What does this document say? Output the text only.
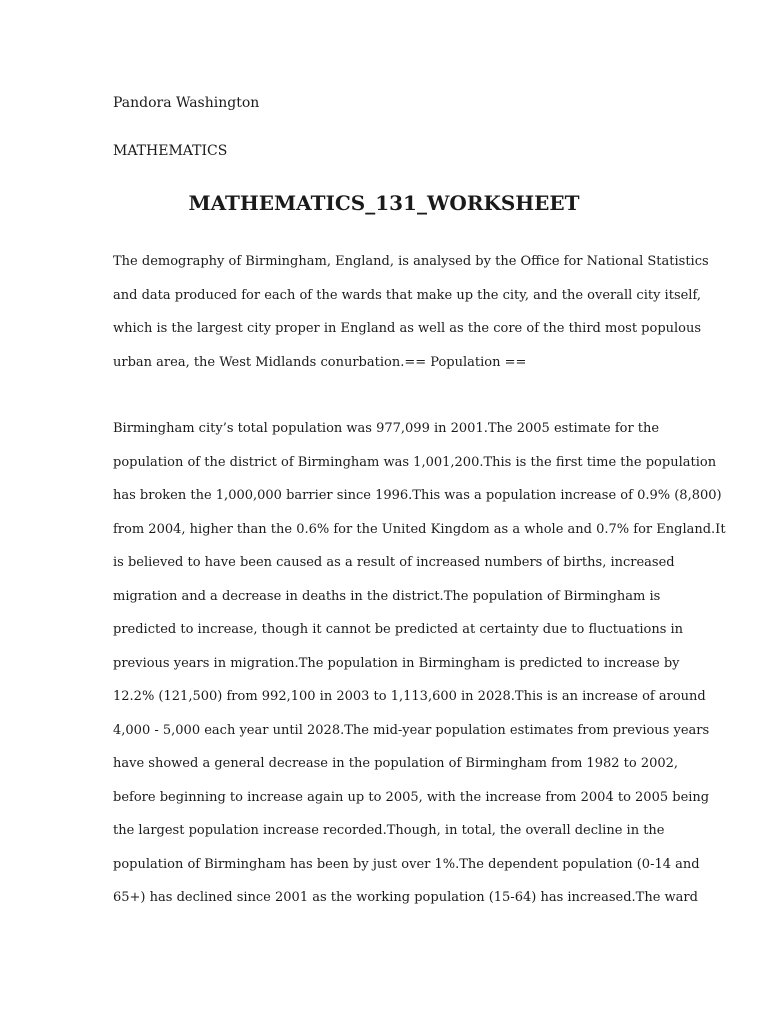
Pandora Washington
MATHEMATICS
MATHEMATICS_131_WORKSHEET
The demography of Birmingham, England, is analysed by the Office for National Statistics
and data produced for each of the wards that make up the city, and the overall city itself,
which is the largest city proper in England as well as the core of the third most populous
urban area, the West Midlands conurbation.== Population ==
Birmingham city’s total population was 977,099 in 2001.The 2005 estimate for the
population of the district of Birmingham was 1,001,200.This is the first time the population
has broken the 1,000,000 barrier since 1996.This was a population increase of 0.9% (8,800)
from 2004, higher than the 0.6% for the United Kingdom as a whole and 0.7% for England.It
is believed to have been caused as a result of increased numbers of births, increased
migration and a decrease in deaths in the district.The population of Birmingham is
predicted to increase, though it cannot be predicted at certainty due to fluctuations in
previous years in migration.The population in Birmingham is predicted to increase by
12.2% (121,500) from 992,100 in 2003 to 1,113,600 in 2028.This is an increase of around
4,000 - 5,000 each year until 2028.The mid-year population estimates from previous years
have showed a general decrease in the population of Birmingham from 1982 to 2002,
before beginning to increase again up to 2005, with the increase from 2004 to 2005 being
the largest population increase recorded.Though, in total, the overall decline in the
population of Birmingham has been by just over 1%.The dependent population (0-14 and
65+) has declined since 2001 as the working population (15-64) has increased.The ward
